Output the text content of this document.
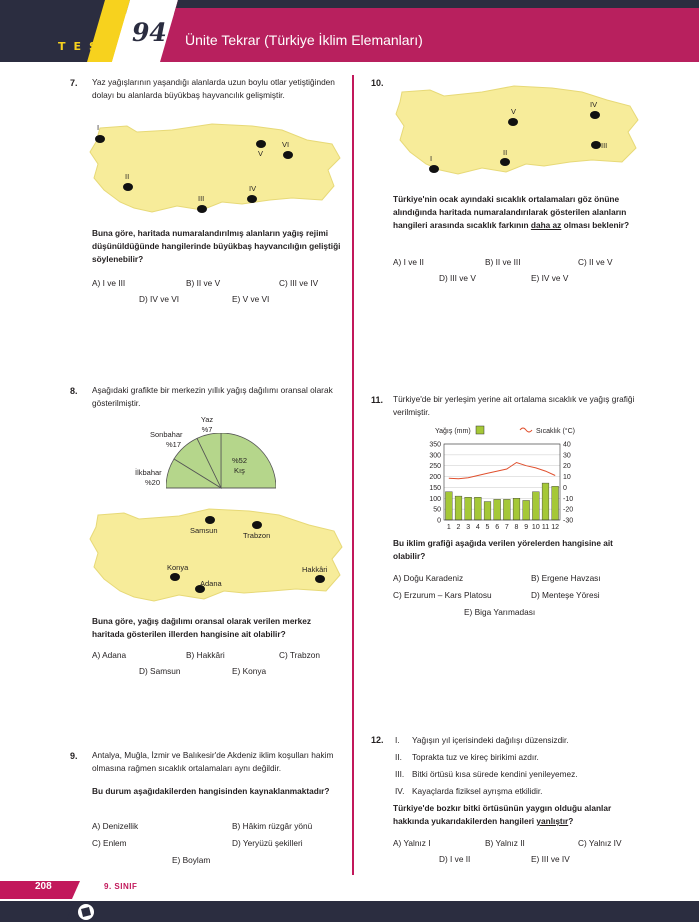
TEST 94 Ünite Tekrar (Türkiye İklim Elemanları)
7. Yaz yağışlarının yaşandığı alanlarda uzun boylu otlar yetiştiğinden dolayı bu alanlarda büyükbaş hayvancılık gelişmiştir.
I
II
III
IV
V
VI
Buna göre, haritada numaralandırılmış alanların yağış rejimi düşünüldüğünde hangilerinde büyükbaş hayvancılığın geliştiği söylenebilir?
A) I ve III	B) II ve V	C) III ve IV
D) IV ve VI	E) V ve VI
8. Aşağıdaki grafikte bir merkezin yıllık yağış dağılımı oransal olarak gösterilmiştir.
Yaz
%7
Sonbahar
%17
İlkbahar
%20
%52
Kış
Samsun
Trabzon
Konya
Adana
Hakkâri
Buna göre, yağış dağılımı oransal olarak verilen merkez haritada gösterilen illerden hangisine ait olabilir?
A) Adana	B) Hakkâri	C) Trabzon
D) Samsun	E) Konya
9. Antalya, Muğla, İzmir ve Balıkesir'de Akdeniz iklim koşulları hakim olmasına rağmen sıcaklık ortalamaları aynı değildir.
Bu durum aşağıdakilerden hangisinden kaynaklanmaktadır?
A) Denizellik	B) Hâkim rüzgâr yönü
C) Enlem	D) Yeryüzü şekilleri
E) Boylam
10.
V
IV
III
II
I
Türkiye'nin ocak ayındaki sıcaklık ortalamaları göz önüne alındığında haritada numaralandırılarak gösterilen alanların hangileri arasında sıcaklık farkının daha az olması beklenir?
A) I ve II	B) II ve III	C) II ve V
D) III ve V	E) IV ve V
11. Türkiye'de bir yerleşim yerine ait ortalama sıcaklık ve yağış grafiği verilmiştir.
Yağış (mm)	Sıcaklık (°C)
350
300
250
200
150
100
50
0
40
30
20
10
0
-10
-20
-30
1 2 3 4 5 6 7 8 9 10 11 12
Bu iklim grafiği aşağıda verilen yörelerden hangisine ait olabilir?
A) Doğu Karadeniz	B) Ergene Havzası
C) Erzurum – Kars Platosu	D) Menteşe Yöresi
E) Biga Yarımadası
12. I.	Yağışın yıl içerisindeki dağılışı düzensizdir.
II.	Toprakta tuz ve kireç birikimi azdır.
III. Bitki örtüsü kısa sürede kendini yenileyemez.
IV. Kayaçlarda fiziksel ayrışma etkilidir.
Türkiye'de bozkır bitki örtüsünün yaygın olduğu alanlar hakkında yukarıdakilerden hangileri yanlıştır?
A) Yalnız I	B) Yalnız II	C) Yalnız IV
D) I ve II	E) III ve IV
208	9. SINIF
